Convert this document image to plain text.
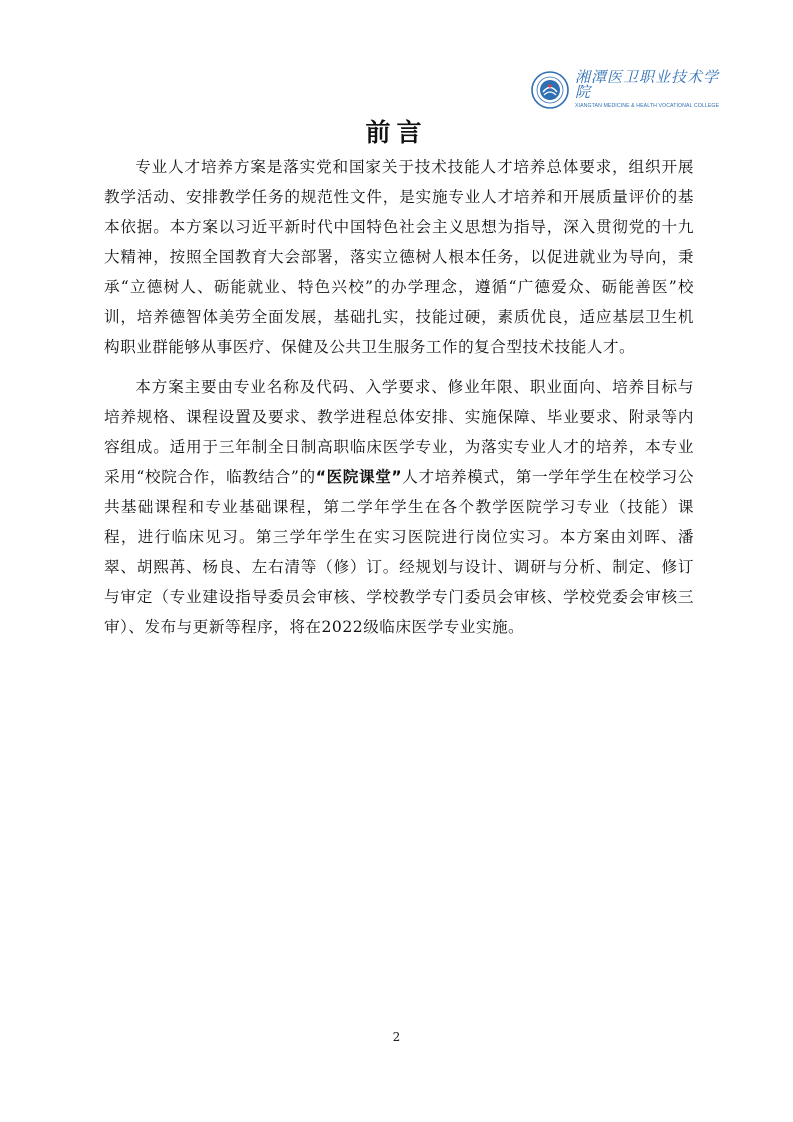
湘潭医卫职业技术学院
XIANGTAN MEDICINE & HEALTH VOCATIONAL COLLEGE
前言

专业人才培养方案是落实党和国家关于技术技能人才培养总体要求，组织开展教学活动、安排教学任务的规范性文件，是实施专业人才培养和开展质量评价的基本依据。本方案以习近平新时代中国特色社会主义思想为指导，深入贯彻党的十九大精神，按照全国教育大会部署，落实立德树人根本任务，以促进就业为导向，秉承“立德树人、砺能就业、特色兴校”的办学理念，遵循“广德爱众、砺能善医”校训，培养德智体美劳全面发展，基础扎实，技能过硬，素质优良，适应基层卫生机构职业群能够从事医疗、保健及公共卫生服务工作的复合型技术技能人才。

本方案主要由专业名称及代码、入学要求、修业年限、职业面向、培养目标与培养规格、课程设置及要求、教学进程总体安排、实施保障、毕业要求、附录等内容组成。适用于三年制全日制高职临床医学专业，为落实专业人才的培养，本专业采用“校院合作，临教结合”的“医院课堂”人才培养模式，第一学年学生在校学习公共基础课程和专业基础课程，第二学年学生在各个教学医院学习专业（技能）课程，进行临床见习。第三学年学生在实习医院进行岗位实习。本方案由刘晖、潘翠、胡熙苒、杨良、左右清等（修）订。经规划与设计、调研与分析、制定、修订与审定（专业建设指导委员会审核、学校教学专门委员会审核、学校党委会审核三审）、发布与更新等程序，将在2022级临床医学专业实施。

2
